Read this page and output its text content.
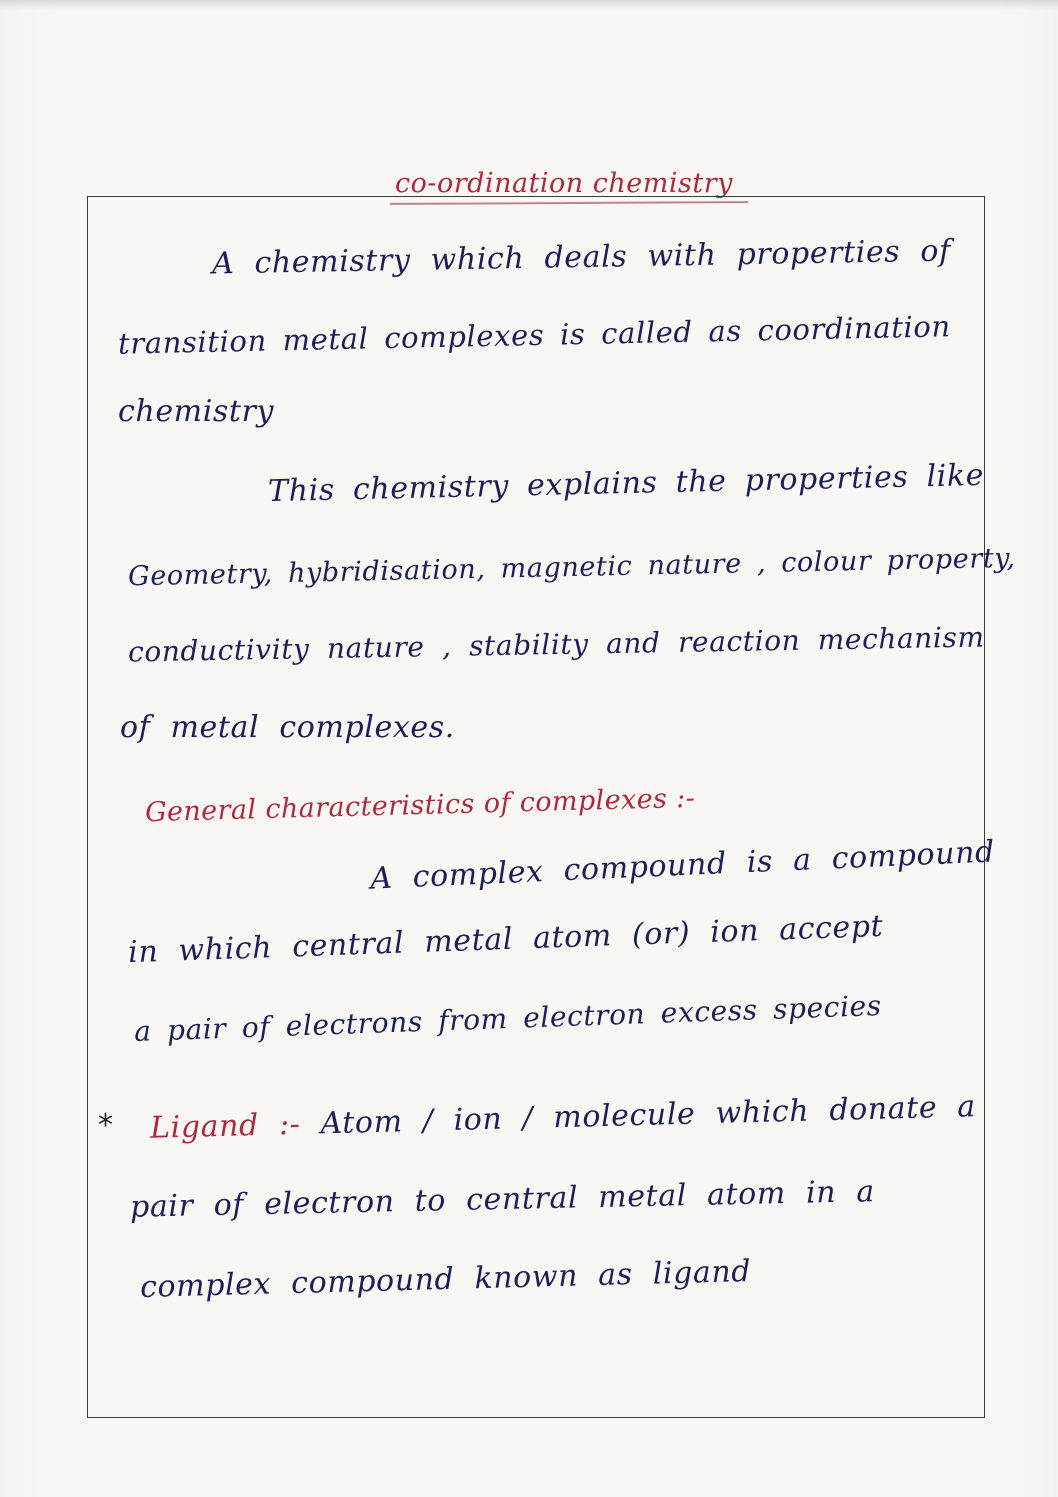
co-ordination chemistry
A chemistry which deals with properties of
transition metal complexes is called as coordination
chemistry
This chemistry explains the properties like
Geometry, hybridisation, magnetic nature , colour property,
conductivity nature , stability and reaction mechanism
of metal complexes.
General characteristics of complexes :-
A complex compound is a compound
in which central metal atom (or) ion accept
a pair of electrons from electron excess species
* Ligand :- Atom / ion / molecule which donate a
pair of electron to central metal atom in a
complex compound known as ligand
